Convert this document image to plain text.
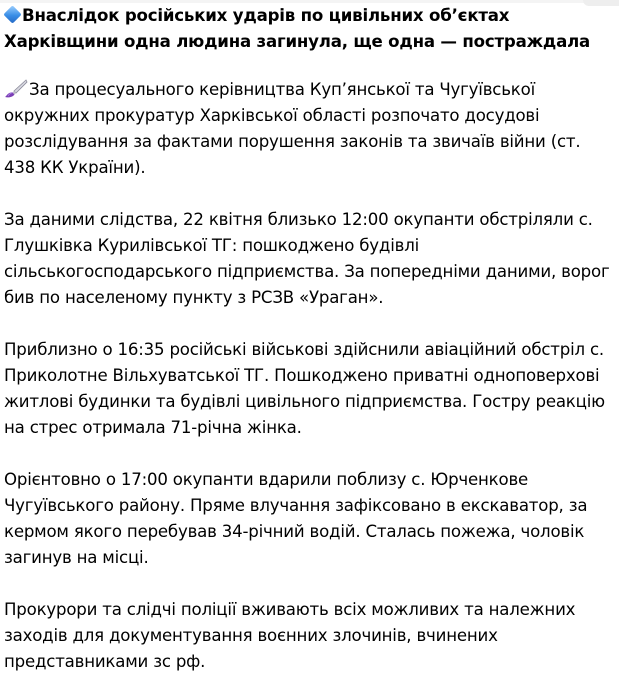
Внаслідок російських ударів по цивільних об’єктах Харківщини одна людина загинула, ще одна — постраждала

За процесуального керівництва Куп’янської та Чугуївської окружних прокуратур Харківської області розпочато досудові розслідування за фактами порушення законів та звичаїв війни (ст. 438 КК України).

За даними слідства, 22 квітня близько 12:00 окупанти обстріляли с. Глушківка Курилівської ТГ: пошкоджено будівлі сільськогосподарського підприємства. За попередніми даними, ворог бив по населеному пункту з РСЗВ «Ураган».

Приблизно о 16:35 російські військові здійснили авіаційний обстріл с. Приколотне Вільхуватської ТГ. Пошкоджено приватні одноповерхові житлові будинки та будівлі цивільного підприємства. Гостру реакцію на стрес отримала 71-річна жінка.

Орієнтовно о 17:00 окупанти вдарили поблизу с. Юрченкове Чугуївського району. Пряме влучання зафіксовано в екскаватор, за кермом якого перебував 34-річний водій. Сталась пожежа, чоловік загинув на місці.

Прокурори та слідчі поліції вживають всіх можливих та належних заходів для документування воєнних злочинів, вчинених представниками зс рф.
